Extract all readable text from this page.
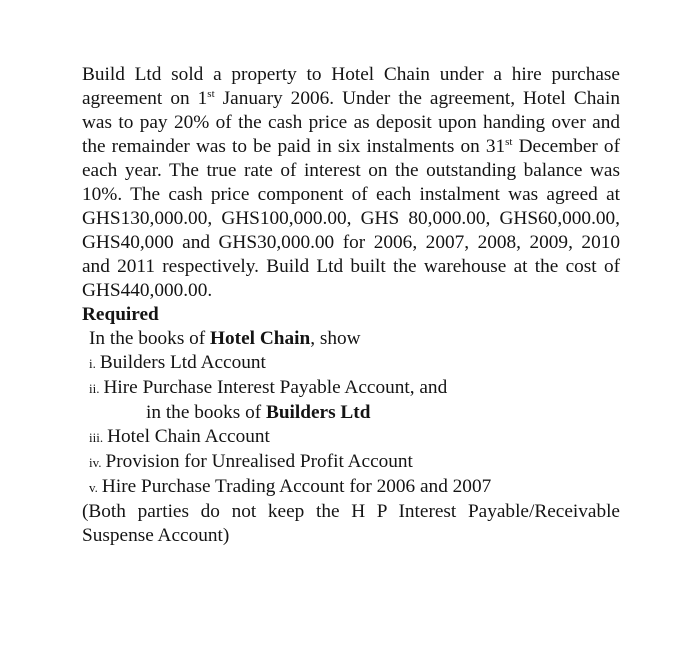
Build Ltd sold a property to Hotel Chain under a hire purchase agreement on 1st January 2006. Under the agreement, Hotel Chain was to pay 20% of the cash price as deposit upon handing over and the remainder was to be paid in six instalments on 31st December of each year. The true rate of interest on the outstanding balance was 10%. The cash price component of each instalment was agreed at GHS130,000.00, GHS100,000.00, GHS 80,000.00, GHS60,000.00, GHS40,000 and GHS30,000.00 for 2006, 2007, 2008, 2009, 2010 and 2011 respectively. Build Ltd built the warehouse at the cost of GHS440,000.00.

Required

In the books of Hotel Chain, show

i. Builders Ltd Account

ii. Hire Purchase Interest Payable Account, and

in the books of Builders Ltd

iii. Hotel Chain Account

iv. Provision for Unrealised Profit Account

v. Hire Purchase Trading Account for 2006 and 2007

(Both parties do not keep the H P Interest Payable/Receivable Suspense Account)
